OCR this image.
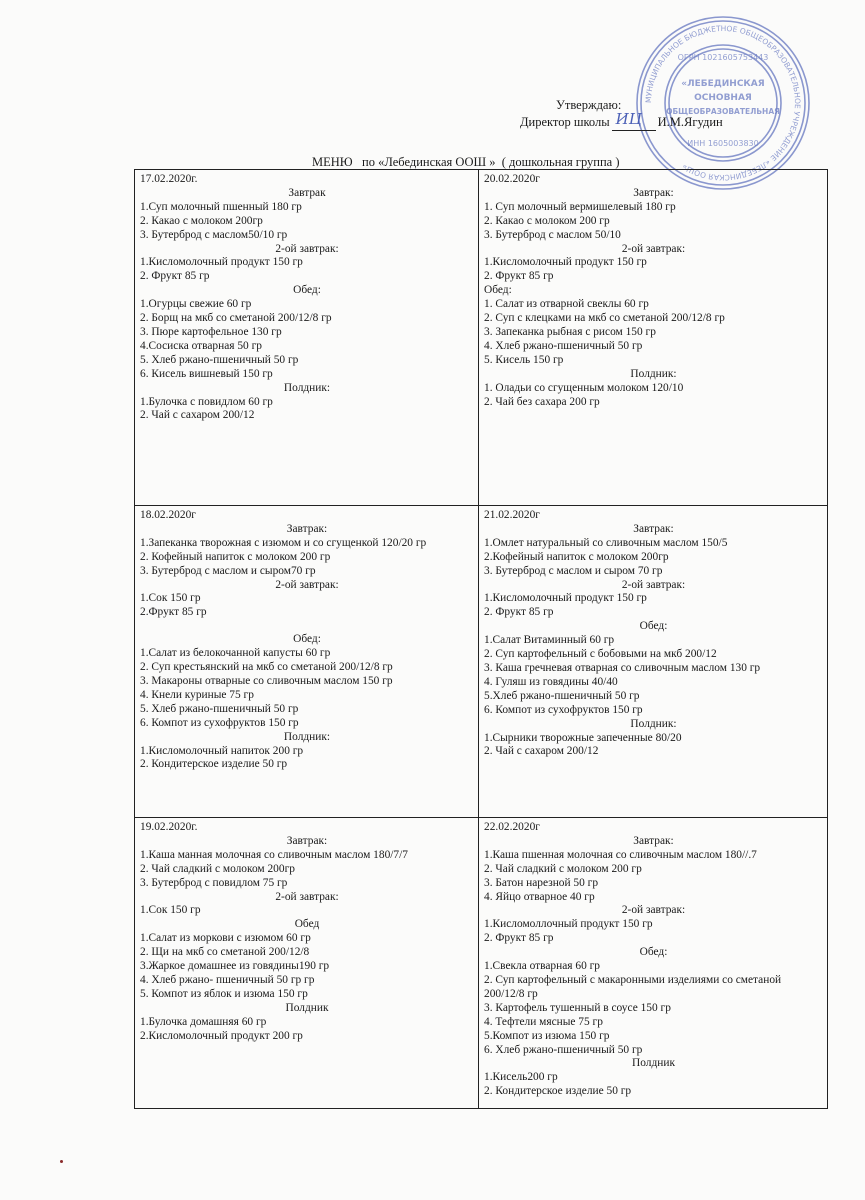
МУНИЦИПАЛЬНОЕ БЮДЖЕТНОЕ ОБЩЕОБРАЗОВАТЕЛЬНОЕ УЧРЕЖДЕНИЕ «ЛЕБЕДИНСКАЯ ООШ»
ОГРН 1021605753443
«ЛЕБЕДИНСКАЯ
ОСНОВНАЯ
ОБЩЕОБРАЗОВАТЕЛЬНАЯ
ИНН 1605003830
Утверждаю:
Директор школы ИЦ И.М.Ягудин
МЕНЮ   по «Лебединская ООШ »  ( дошкольная группа )
17.02.2020г.
Завтрак
1.Суп молочный пшенный 180 гр
2. Какао с молоком 200гр
3. Бутерброд с маслом50/10 гр
2-ой завтрак:
1.Кисломолочный продукт 150 гр
2. Фрукт 85 гр
Обед:
1.Огурцы свежие 60 гр
2. Борщ на мкб со сметаной 200/12/8 гр
3. Пюре картофельное 130 гр
4.Сосиска отварная 50 гр
5. Хлеб ржано-пшеничный 50 гр
6. Кисель вишневый 150 гр
Полдник:
1.Булочка с повидлом 60 гр
2. Чай с сахаром 200/12
20.02.2020г
Завтрак:
1. Суп молочный вермишелевый 180 гр
2. Какао с молоком 200 гр
3. Бутерброд с маслом 50/10
2-ой завтрак:
1.Кисломолочный продукт 150 гр
2. Фрукт 85 гр
Обед:
1. Салат из отварной свеклы 60 гр
2. Суп с клецками на мкб со сметаной 200/12/8 гр
3. Запеканка рыбная с рисом 150 гр
4. Хлеб ржано-пшеничный 50 гр
5. Кисель 150 гр
Полдник:
1. Оладьи со сгущенным молоком 120/10
2. Чай без сахара 200 гр
18.02.2020г
Завтрак:
1.Запеканка творожная с изюмом и со сгущенкой 120/20 гр
2. Кофейный напиток с молоком 200 гр
3. Бутерброд с маслом и сыром70 гр
2-ой завтрак:
1.Сок 150 гр
2.Фрукт 85 гр
Обед:
1.Салат из белокочанной капусты 60 гр
2. Суп крестьянский на мкб со сметаной 200/12/8 гр
3. Макароны отварные со сливочным маслом 150 гр
4. Кнели куриные 75 гр
5. Хлеб ржано-пшеничный 50 гр
6. Компот из сухофруктов 150 гр
Полдник:
1.Кисломолочный напиток 200 гр
2. Кондитерское изделие 50 гр
21.02.2020г
Завтрак:
1.Омлет натуральный со сливочным маслом 150/5
2.Кофейный напиток с молоком 200гр
3. Бутерброд с маслом и сыром 70 гр
2-ой завтрак:
1.Кисломолочный продукт 150 гр
2. Фрукт 85 гр
Обед:
1.Салат Витаминный 60 гр
2. Суп картофельный с бобовыми на мкб 200/12
3. Каша гречневая отварная со сливочным маслом 130 гр
4. Гуляш из говядины 40/40
5.Хлеб ржано-пшеничный 50 гр
6. Компот из сухофруктов 150 гр
Полдник:
1.Сырники творожные запеченные 80/20
2. Чай с сахаром 200/12
19.02.2020г.
Завтрак:
1.Каша манная молочная со сливочным маслом 180/7/7
2. Чай сладкий с молоком 200гр
3. Бутерброд с повидлом 75 гр
2-ой завтрак:
1.Сок 150 гр
Обед
1.Салат из моркови с изюмом 60 гр
2. Щи на мкб со сметаной 200/12/8
3.Жаркое домашнее из говядины190 гр
4. Хлеб ржано- пшеничный 50 гр гр
5. Компот из яблок и изюма 150 гр
Полдник
1.Булочка домашняя 60 гр
2.Кисломолочный продукт 200 гр
22.02.2020г
Завтрак:
1.Каша пшенная молочная со сливочным маслом 180//.7
2. Чай сладкий с молоком 200 гр
3. Батон нарезной 50 гр
4. Яйцо отварное 40 гр
2-ой завтрак:
1.Кисломоллочный продукт 150 гр
2. Фрукт 85 гр
Обед:
1.Свекла отварная 60 гр
2. Суп картофельный с макаронными изделиями со сметаной 200/12/8 гр
3. Картофель тушенный в соусе 150 гр
4. Тефтели мясные 75 гр
5.Компот из изюма 150 гр
6. Хлеб ржано-пшеничный 50 гр
Полдник
1.Кисель200 гр
2. Кондитерское изделие 50 гр
